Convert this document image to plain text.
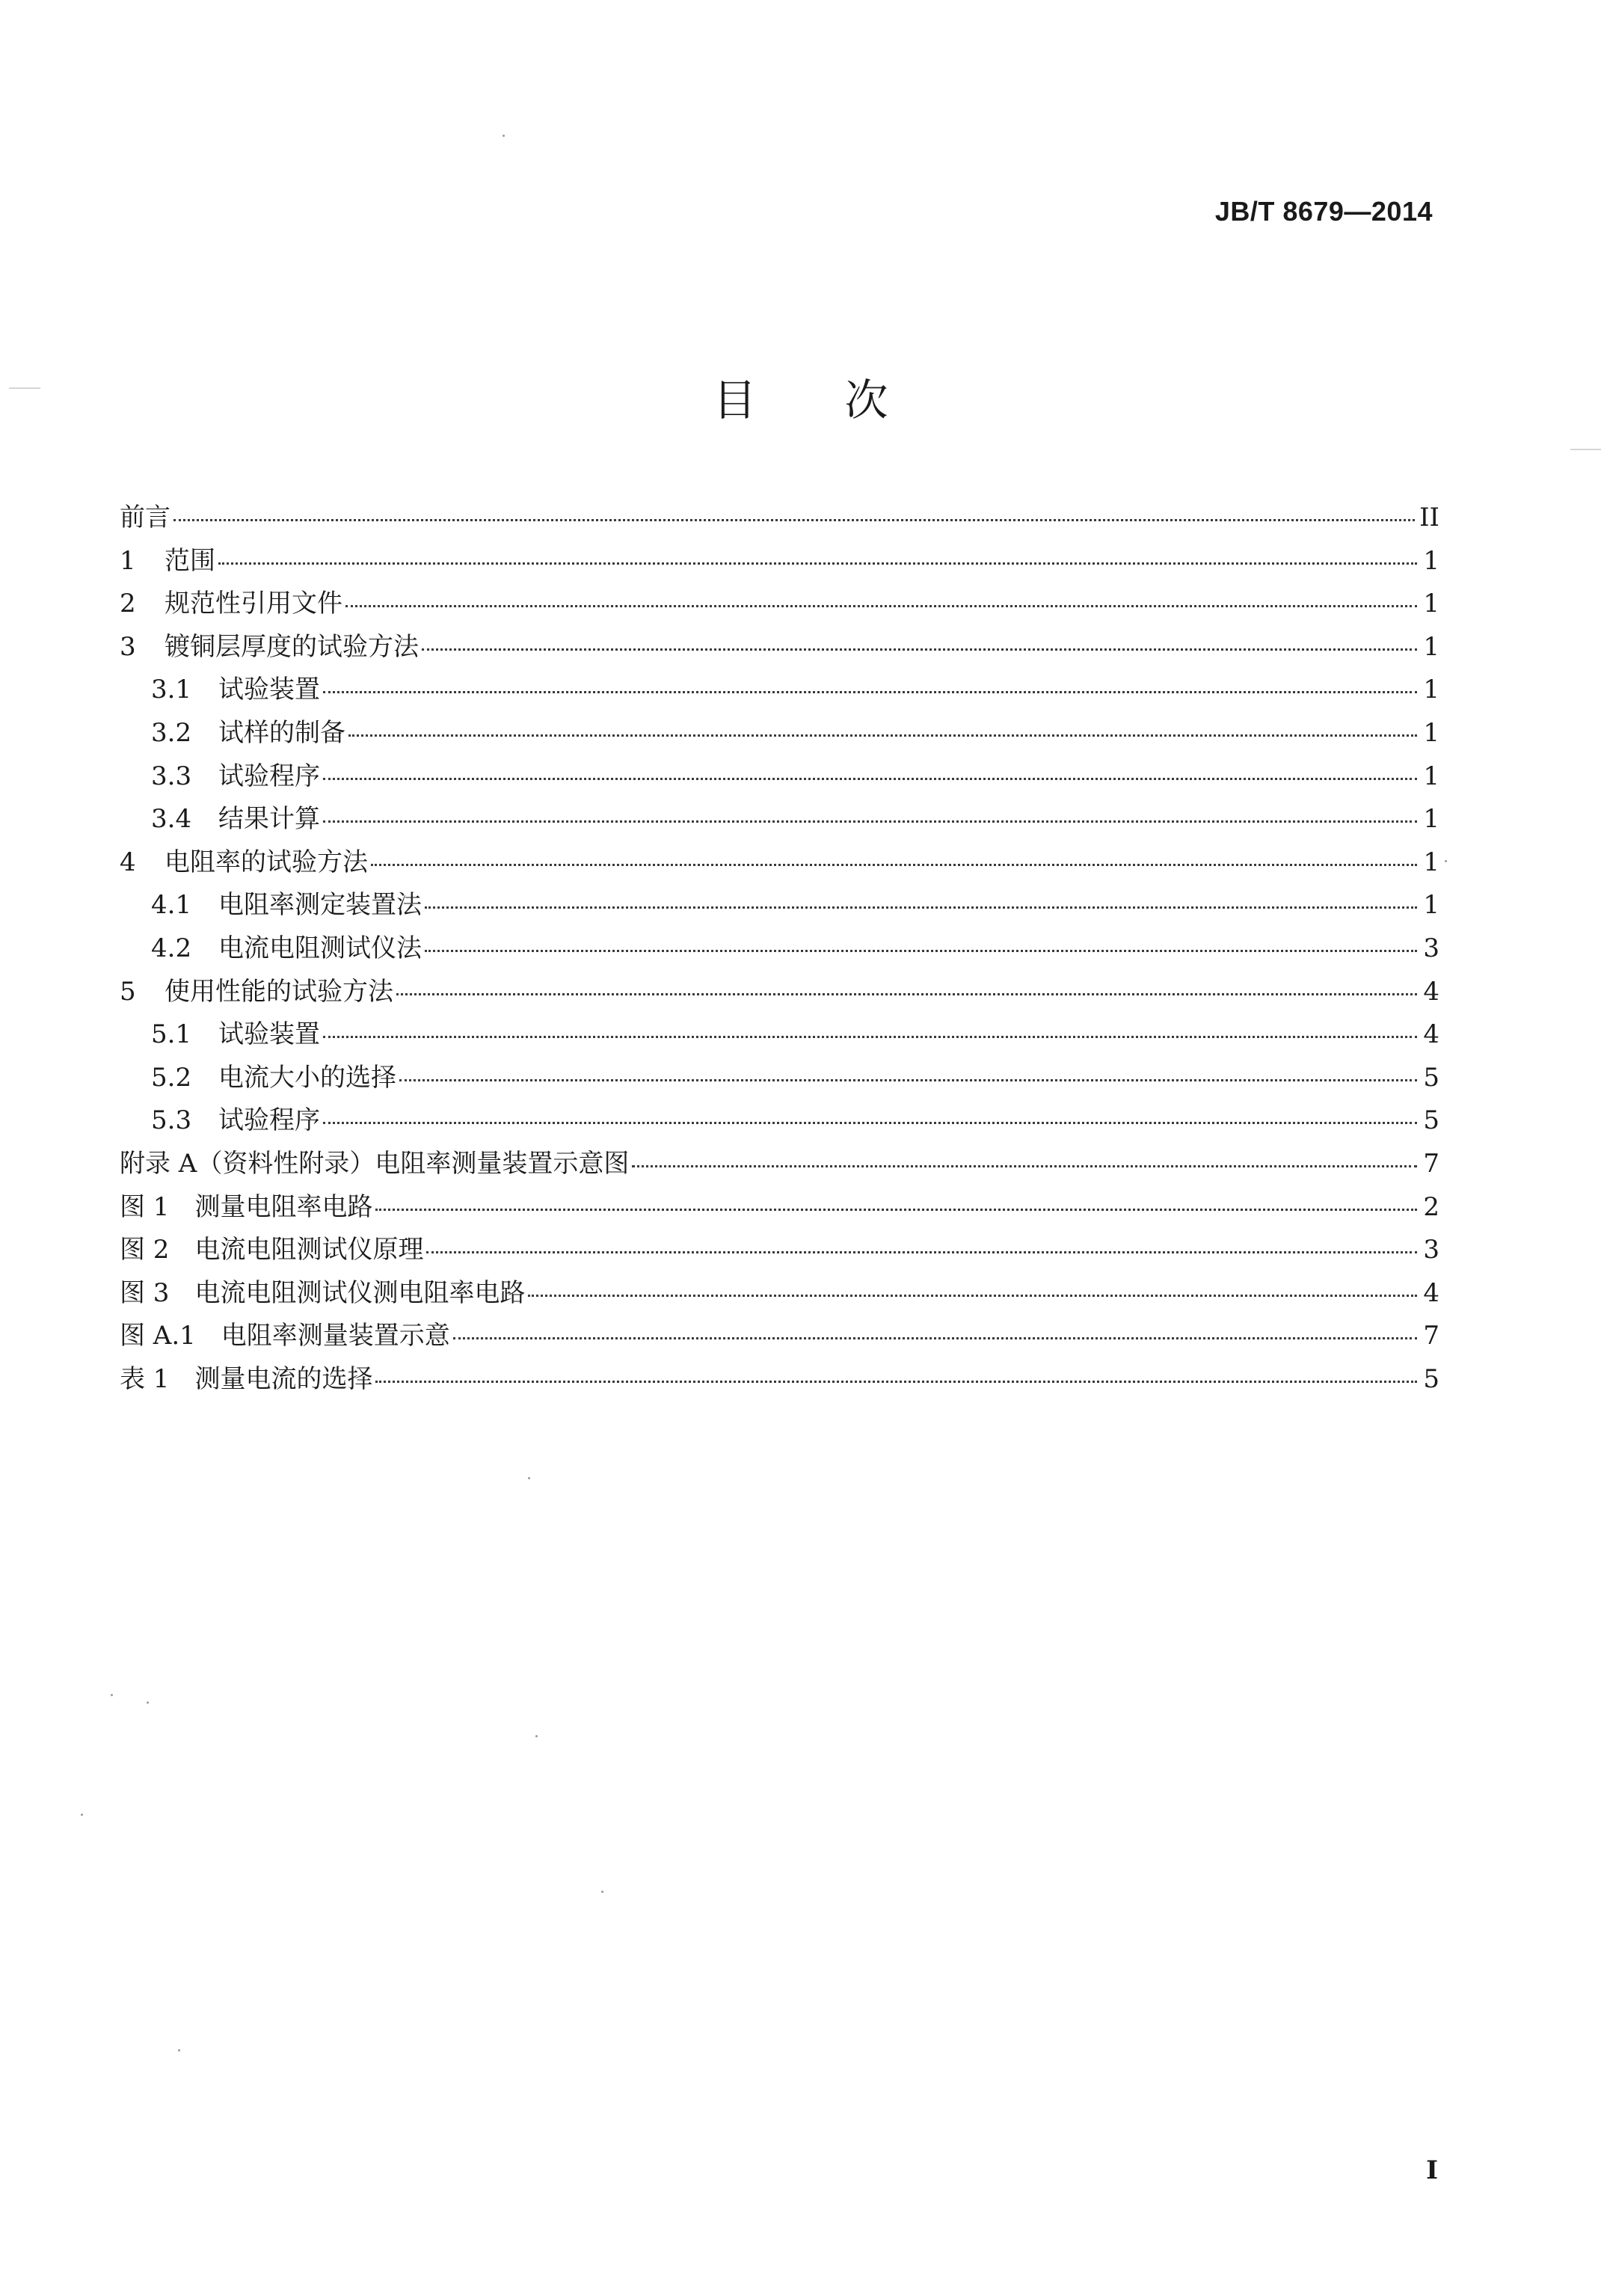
JB/T 8679—2014
目次
前言	II
1	范围	1
2	规范性引用文件	1
3	镀铜层厚度的试验方法	1
3.1	试验装置	1
3.2	试样的制备	1
3.3	试验程序	1
3.4	结果计算	1
4	电阻率的试验方法	1
4.1	电阻率测定装置法	1
4.2	电流电阻测试仪法	3
5	使用性能的试验方法	4
5.1	试验装置	4
5.2	电流大小的选择	5
5.3	试验程序	5
附录 A（资料性附录）电阻率测量装置示意图	7
图 1　测量电阻率电路	2
图 2　电流电阻测试仪原理	3
图 3　电流电阻测试仪测电阻率电路	4
图 A.1　电阻率测量装置示意	7
表 1　测量电流的选择	5
I
